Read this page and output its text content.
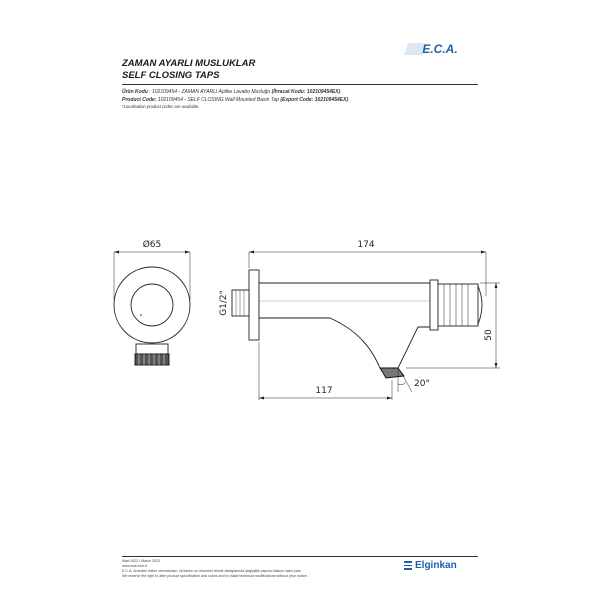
ZAMAN AYARLI MUSLUKLAR
SELF CLOSING TAPS
E.C.A.
Ürün Kodu : 102109454 - ZAMAN AYARLI Aplike Lavabo Musluğu (İhracat Kodu: 102109454EX)
Product Code: 102109454 - SELF CLOSING Wall Mounted Basin Tap (Export Code: 102109454EX)
*Localisation product codes are available.
Ø65	174
G1/2"
117
50
20°
Mart 2022 / March 2022
www.eca.com.tr
E.C.A. önceden haber vermeksizin, ürünlerin ve ürünlerin teknik detaylarında değişiklik yapma hakkını saklı tutar.
We reserve the right to alter product specification and colors and to make technical modifications without prior notice.
Elginkan
